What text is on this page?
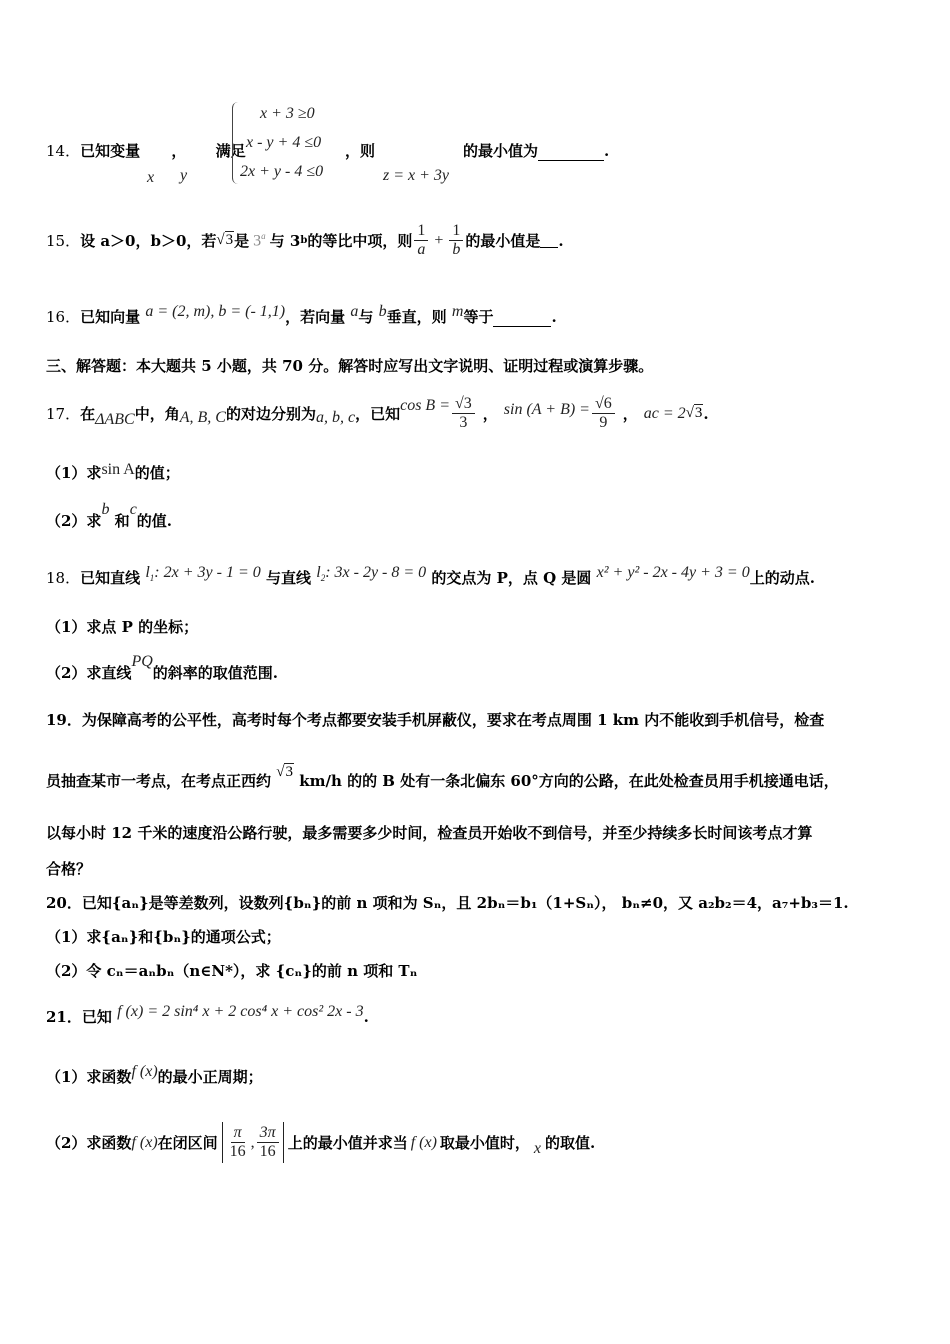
14．已知变量 ， 满足
x y
x + 3 ≥0
x - y + 4 ≤0
2x + y - 4 ≤0
，则
z = x + 3y
的最小值为	.
15． 设 a＞0，b＞0，若 √3 是 3$^a$ 与 3 b 的等比中项，则 $\frac{1}{a} + \frac{1}{b}$ 的最小值是 .
16．已知向量 a = (2, m), b = (- 1,1)，若向量 a与 b垂直，则 m等于	.
三、解答题：本大题共 5 小题，共 70 分。解答时应写出文字说明、证明过程或演算步骤。
17． 在 ΔABC 中，角 A, B, C 的对边分别为 a, b, c ，已知 $\cos B = \frac{√3}{3}$ ， $\sin (A + B) = \frac{√6}{9}$ ， ac = 2 √3 .
（1）求sin A的值；
（2）求b 和c的值.
18．已知直线 $l_1$: 2x + 3y - 1 = 0 与直线 $l_2$: 3x - 2y - 8 = 0 的交点为 P，点 Q 是圆 x² + y² - 2x - 4y + 3 = 0上的动点.
（1）求点 P 的坐标；
（2）求直线PQ的斜率的取值范围.
19．为保障高考的公平性，高考时每个考点都要安装手机屏蔽仪，要求在考点周围 1 km 内不能收到手机信号，检查
员抽查某市一考点，在考点正西约 √3 km/h 的的 B 处有一条北偏东 60°方向的公路，在此处检查员用手机接通电话，
以每小时 12 千米的速度沿公路行驶，最多需要多少时间，检查员开始收不到信号，并至少持续多长时间该考点才算
合格？
20．已知{aₙ}是等差数列，设数列{bₙ}的前 n 项和为 Sₙ，且 2bₙ＝b₁（1+Sₙ）， bₙ≠0，又 a₂b₂＝4，a₇+b₃＝1.
（1）求{aₙ}和{bₙ}的通项公式；
（2）令 cₙ＝aₙbₙ（n∈N*），求 {cₙ}的前 n 项和 Tₙ
21．已知 f (x) = 2 sin⁴ x + 2 cos⁴ x + cos² 2x - 3.
（1）求函数f (x)的最小正周期；
（2）求函数 f (x) 在闭区间 $\frac{\pi}{16}$ , $\frac{3\pi}{16}$ 上的最小值并求当 f (x) 取最小值时， x 的取值.
